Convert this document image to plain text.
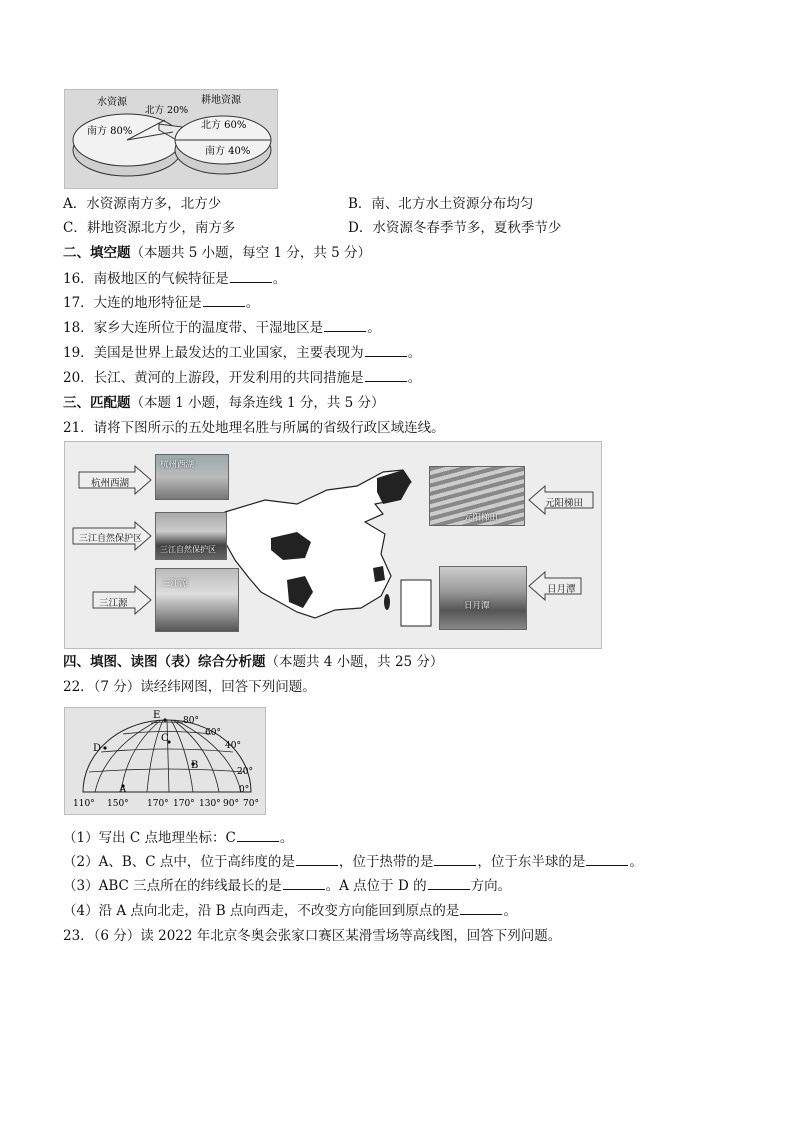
水资源
北方 20%
南方 80%
耕地资源
北方 60%
南方 40%
A．水资源南方多，北方少	B．南、北方水土资源分布均匀
C．耕地资源北方少，南方多	D．水资源冬春季节多，夏秋季节少
二、填空题（本题共 5 小题，每空 1 分，共 5 分）
16．南极地区的气候特征是	。
17．大连的地形特征是	。
18．家乡大连所位于的温度带、干湿地区是	。
19．美国是世界上最发达的工业国家，主要表现为	。
20．长江、黄河的上游段，开发利用的共同措施是	。
三、匹配题（本题 1 小题，每条连线 1 分，共 5 分）
21．请将下图所示的五处地理名胜与所属的省级行政区域连线。
杭州西湖
三江自然保护区
三江源
元阳梯田
日月潭
杭州西湖
三江自然保护区
三江源
元阳梯田
日月潭
四、填图、读图（表）综合分析题（本题共 4 小题，共 25 分）
22．（7 分）读经纬网图，回答下列问题。
E
C
D
B
A
80°
60°
40°
20°
0°
110° 150° 170° 170° 130° 90° 70°
（1）写出 C 点地理坐标：C	。
（2）A、B、C 点中，位于高纬度的是	，位于热带的是	，位于东半球的是	。
（3）ABC 三点所在的纬线最长的是	。A 点位于 D 的	方向。
（4）沿 A 点向北走，沿 B 点向西走，不改变方向能回到原点的是	。
23．（6 分）读 2022 年北京冬奥会张家口赛区某滑雪场等高线图，回答下列问题。
